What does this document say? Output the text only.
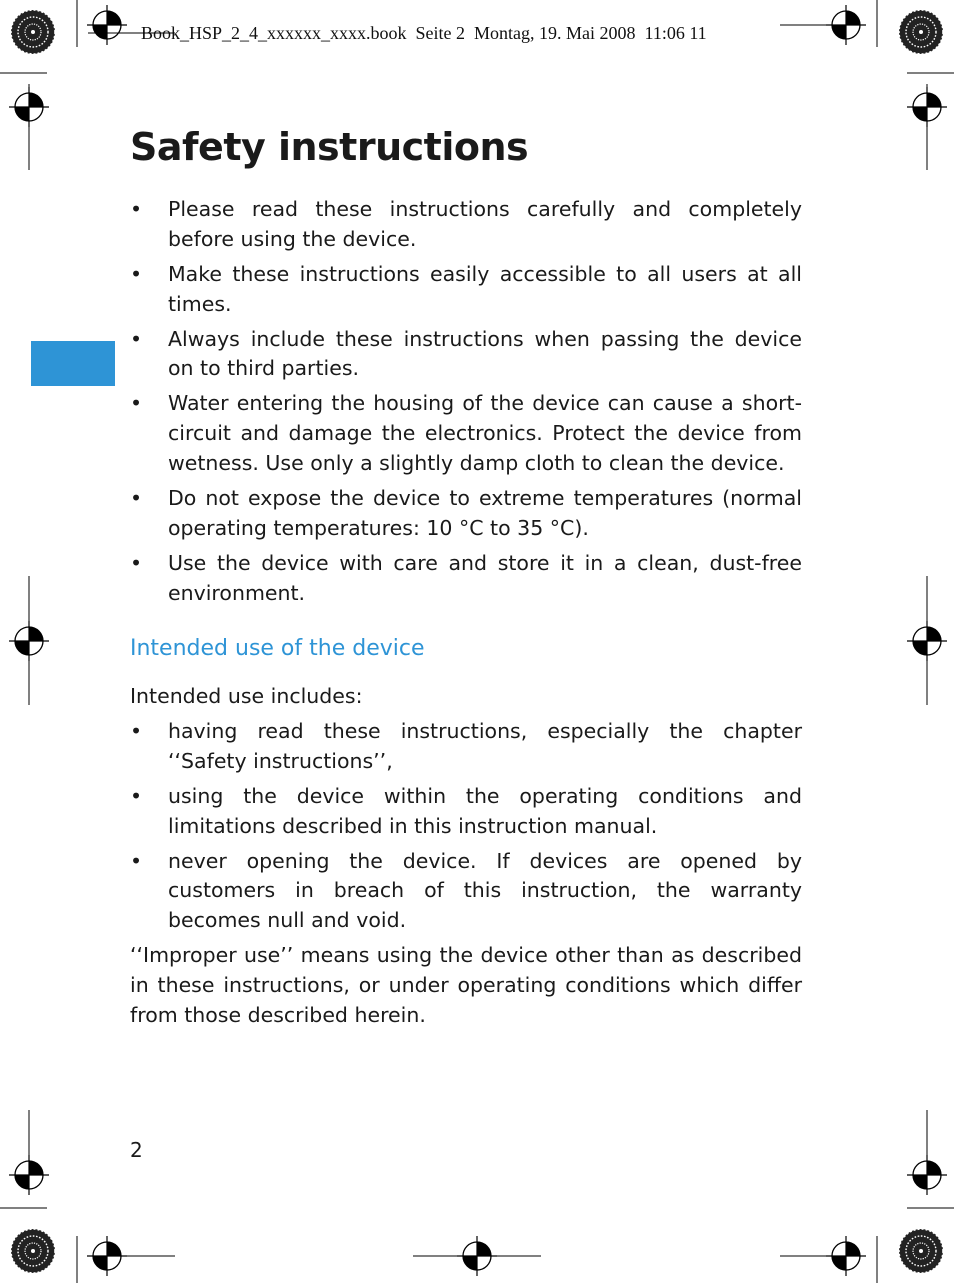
Book_HSP_2_4_xxxxxx_xxxx.book  Seite 2  Montag, 19. Mai 2008  11:06 11
Safety instructions
•	Please read these instructions carefully and completely before using the device.
•	Make these instructions easily accessible to all users at all times.
•	Always include these instructions when passing the device on to third parties.
•	Water entering the housing of the device can cause a short-circuit and damage the electronics. Protect the device from wetness. Use only a slightly damp cloth to clean the device.
•	Do not expose the device to extreme temperatures (normal operating temperatures: 10 °C to 35 °C).
•	Use the device with care and store it in a clean, dust-free environment.
Intended use of the device

Intended use includes:

•	having read these instructions, especially the chapter ‘‘Safety instructions’’,
•	using the device within the operating conditions and limitations described in this instruction manual.
•	never opening the device. If devices are opened by customers in breach of this instruction, the warranty becomes null and void.

‘‘Improper use’’ means using the device other than as described in these instructions, or under operating conditions which differ from those described herein.

2
